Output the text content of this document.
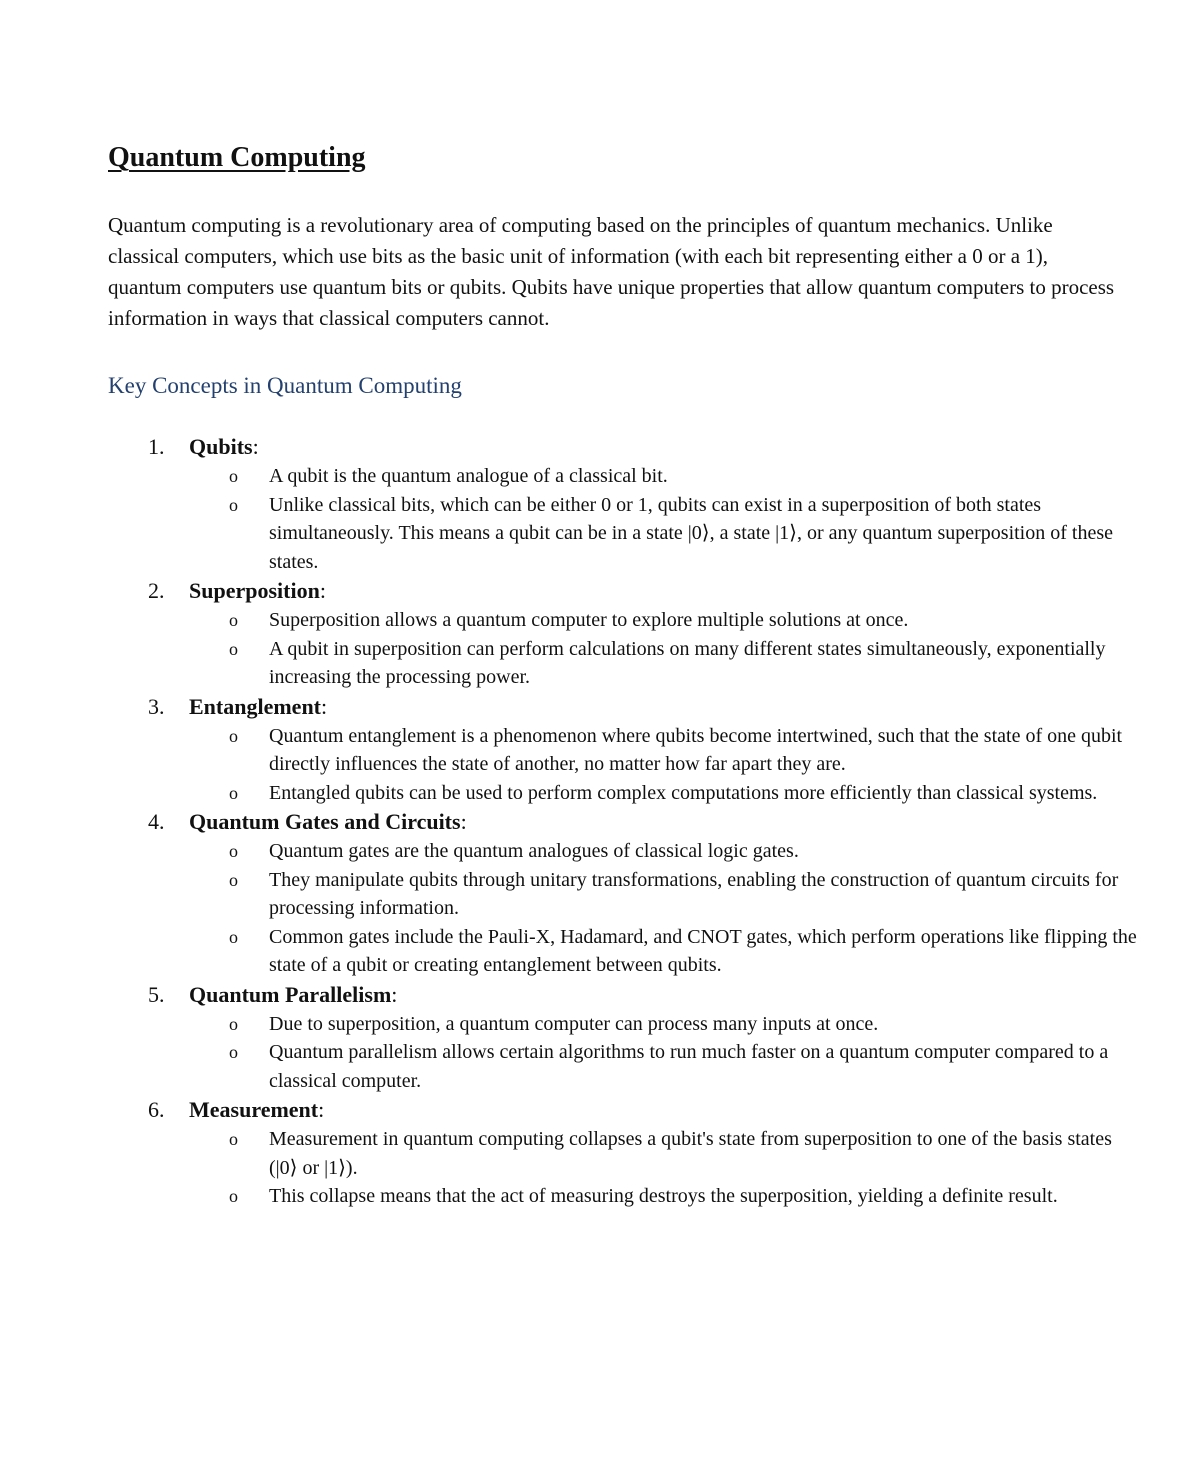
Quantum Computing

Quantum computing is a revolutionary area of computing based on the principles of quantum mechanics. Unlike classical computers, which use bits as the basic unit of information (with each bit representing either a 0 or a 1), quantum computers use quantum bits or qubits. Qubits have unique properties that allow quantum computers to process information in ways that classical computers cannot.

Key Concepts in Quantum Computing
1. Qubits:
o A qubit is the quantum analogue of a classical bit.
o Unlike classical bits, which can be either 0 or 1, qubits can exist in a superposition of both states simultaneously. This means a qubit can be in a state |0⟩, a state |1⟩, or any quantum superposition of these states.
2. Superposition:
o Superposition allows a quantum computer to explore multiple solutions at once.
o A qubit in superposition can perform calculations on many different states simultaneously, exponentially increasing the processing power.
3. Entanglement:
o Quantum entanglement is a phenomenon where qubits become intertwined, such that the state of one qubit directly influences the state of another, no matter how far apart they are.
o Entangled qubits can be used to perform complex computations more efficiently than classical systems.
4. Quantum Gates and Circuits:
o Quantum gates are the quantum analogues of classical logic gates.
o They manipulate qubits through unitary transformations, enabling the construction of quantum circuits for processing information.
o Common gates include the Pauli-X, Hadamard, and CNOT gates, which perform operations like flipping the state of a qubit or creating entanglement between qubits.
5. Quantum Parallelism:
o Due to superposition, a quantum computer can process many inputs at once.
o Quantum parallelism allows certain algorithms to run much faster on a quantum computer compared to a classical computer.
6. Measurement:
o Measurement in quantum computing collapses a qubit's state from superposition to one of the basis states (|0⟩ or |1⟩).
o This collapse means that the act of measuring destroys the superposition, yielding a definite result.
